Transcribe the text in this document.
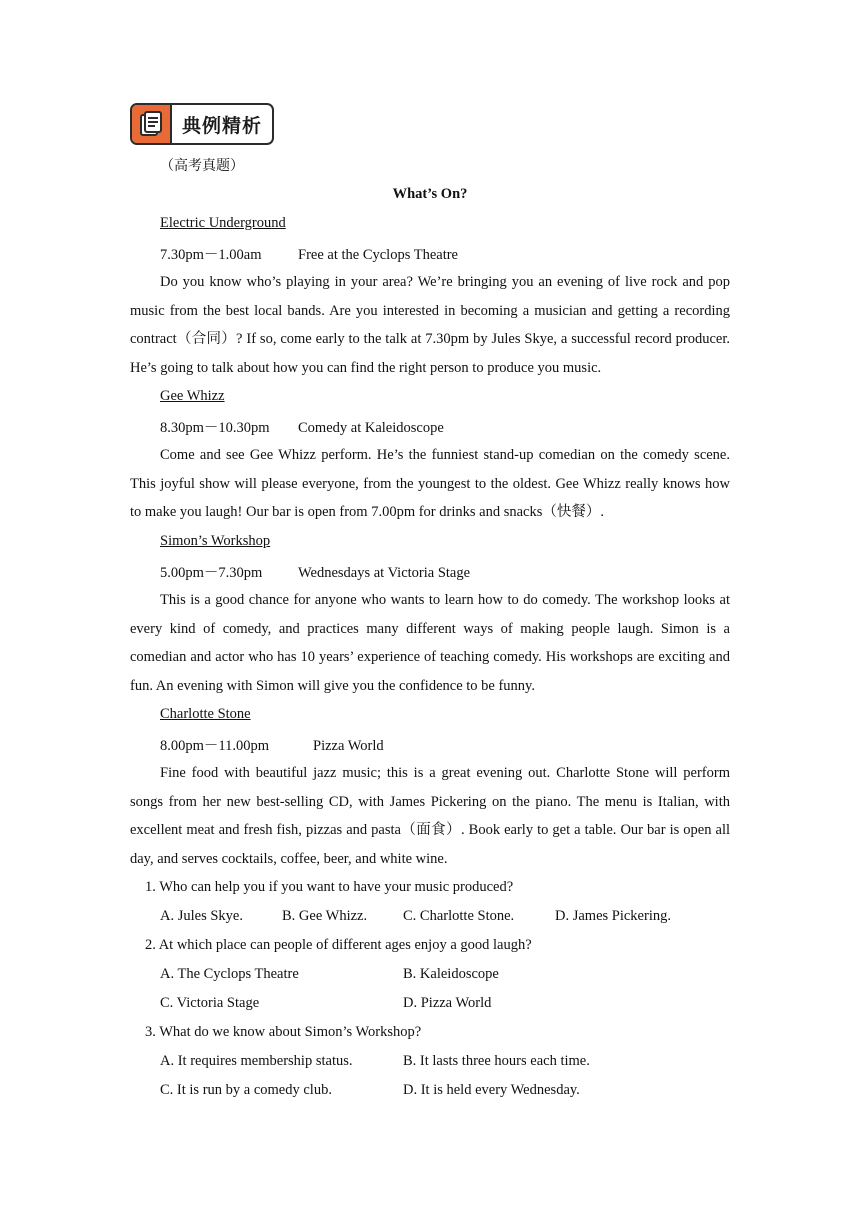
典例精析
（高考真题）
What’s On?
Electric Underground
7.30pm－1.00am	Free at the Cyclops Theatre
Do you know who’s playing in your area? We’re bringing you an evening of live rock and pop music from the best local bands. Are you interested in becoming a musician and getting a recording contract（合同）? If so, come early to the talk at 7.30pm by Jules Skye, a successful record producer. He’s going to talk about how you can find the right person to produce you music.
Gee Whizz
8.30pm－10.30pm Comedy at Kaleidoscope
Come and see Gee Whizz perform. He’s the funniest stand-up comedian on the comedy scene. This joyful show will please everyone, from the youngest to the oldest. Gee Whizz really knows how to make you laugh! Our bar is open from 7.00pm for drinks and snacks（快餐）.
Simon’s Workshop
5.00pm－7.30pm Wednesdays at Victoria Stage
This is a good chance for anyone who wants to learn how to do comedy. The workshop looks at every kind of comedy, and practices many different ways of making people laugh. Simon is a comedian and actor who has 10 years’ experience of teaching comedy. His workshops are exciting and fun. An evening with Simon will give you the confidence to be funny.
Charlotte Stone
8.00pm－11.00pm	Pizza World
Fine food with beautiful jazz music; this is a great evening out. Charlotte Stone will perform songs from her new best-selling CD, with James Pickering on the piano. The menu is Italian, with excellent meat and fresh fish, pizzas and pasta（面食）. Book early to get a table. Our bar is open all day, and serves cocktails, coffee, beer, and white wine.
1. Who can help you if you want to have your music produced?
A. Jules Skye.	B. Gee Whizz. C. Charlotte Stone.	D. James Pickering.
2. At which place can people of different ages enjoy a good laugh?
A. The Cyclops Theatre	B. Kaleidoscope
C. Victoria Stage	D. Pizza World
3. What do we know about Simon’s Workshop?
A. It requires membership status.	B. It lasts three hours each time.
C. It is run by a comedy club.	D. It is held every Wednesday.
